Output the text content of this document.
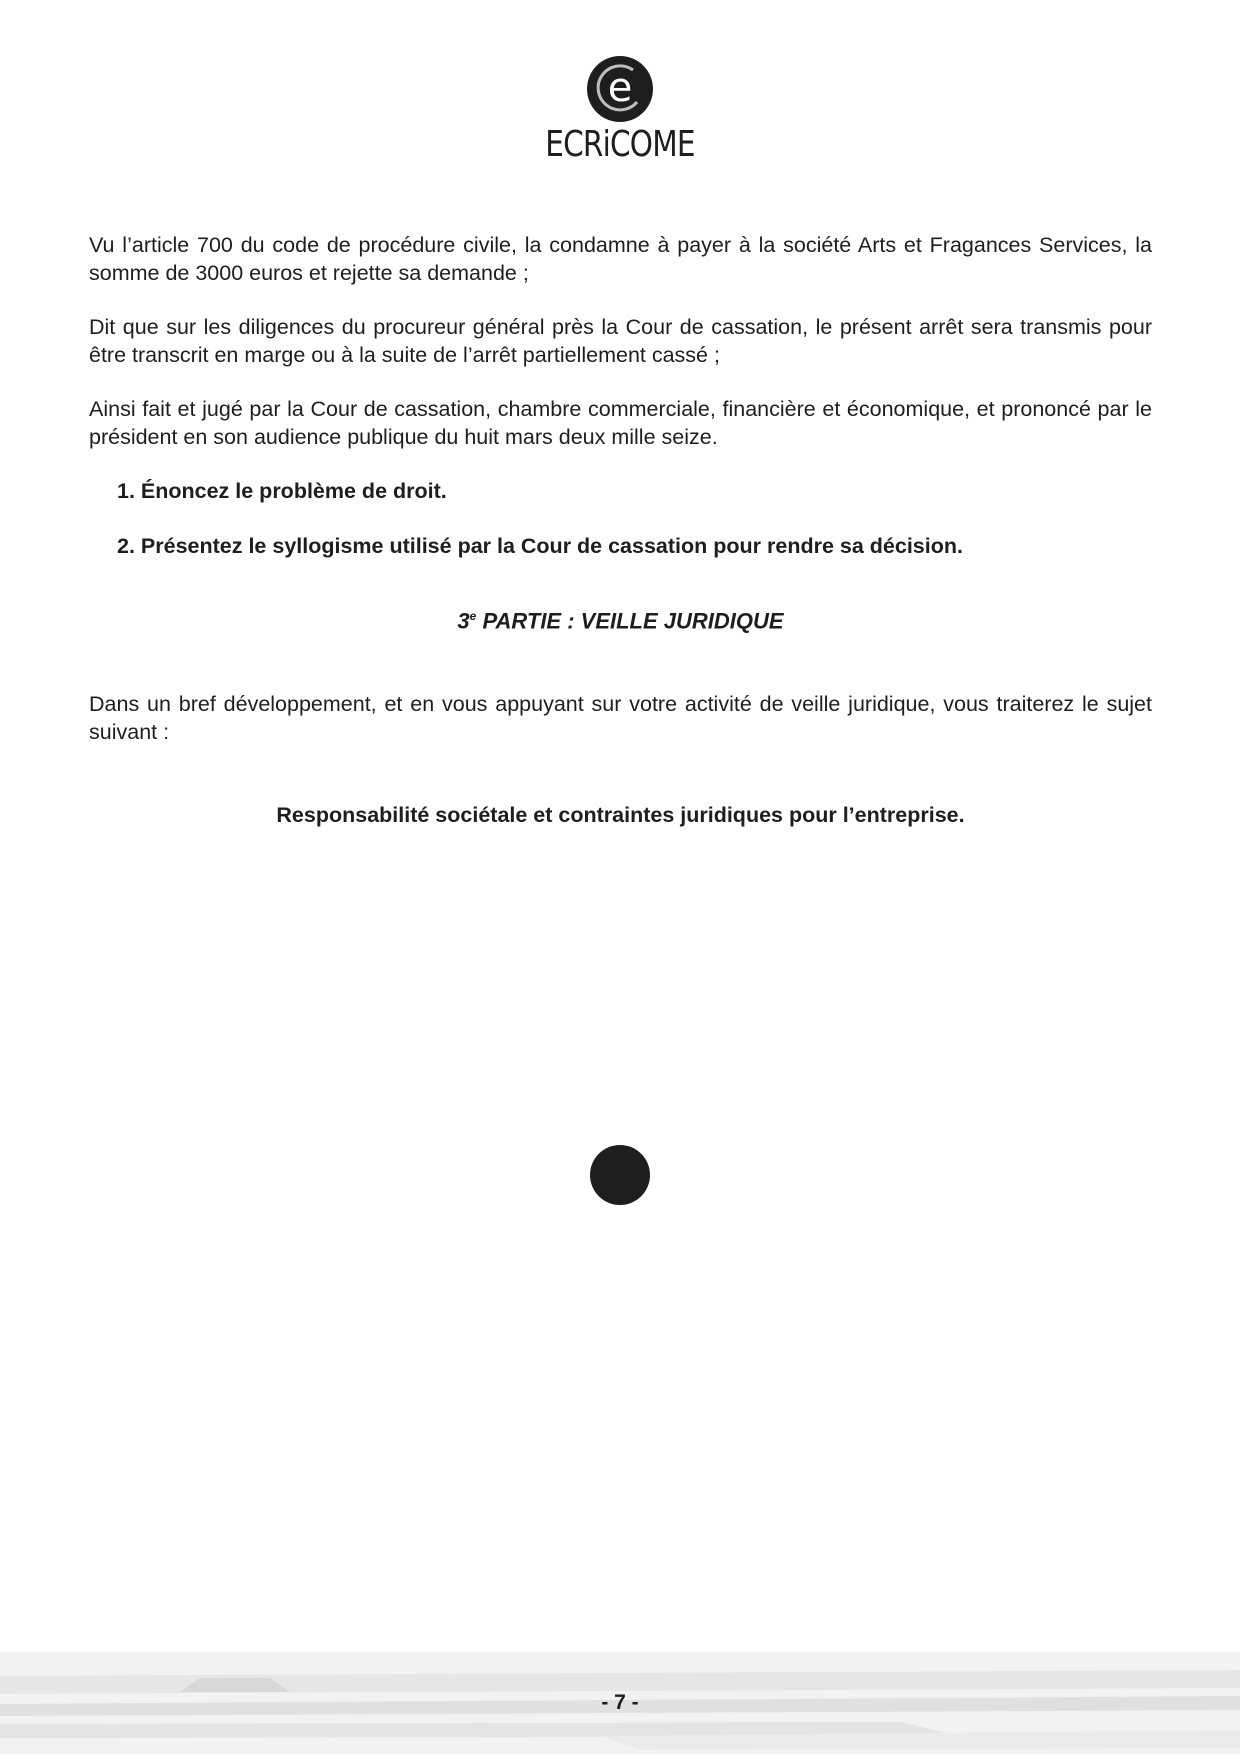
e
ECRiCOME

Vu l’article 700 du code de procédure civile, la condamne à payer à la société Arts et Fragances Services, la somme de 3000 euros et rejette sa demande ;

Dit que sur les diligences du procureur général près la Cour de cassation, le présent arrêt sera transmis pour être transcrit en marge ou à la suite de l’arrêt partiellement cassé ;

Ainsi fait et jugé par la Cour de cassation, chambre commerciale, financière et économique, et prononcé par le président en son audience publique du huit mars deux mille seize.

1. Énoncez le problème de droit.

2. Présentez le syllogisme utilisé par la Cour de cassation pour rendre sa décision.

3e PARTIE : VEILLE JURIDIQUE

Dans un bref développement, et en vous appuyant sur votre activité de veille juridique, vous traiterez le sujet suivant :

Responsabilité sociétale et contraintes juridiques pour l’entreprise.
- 7 -
